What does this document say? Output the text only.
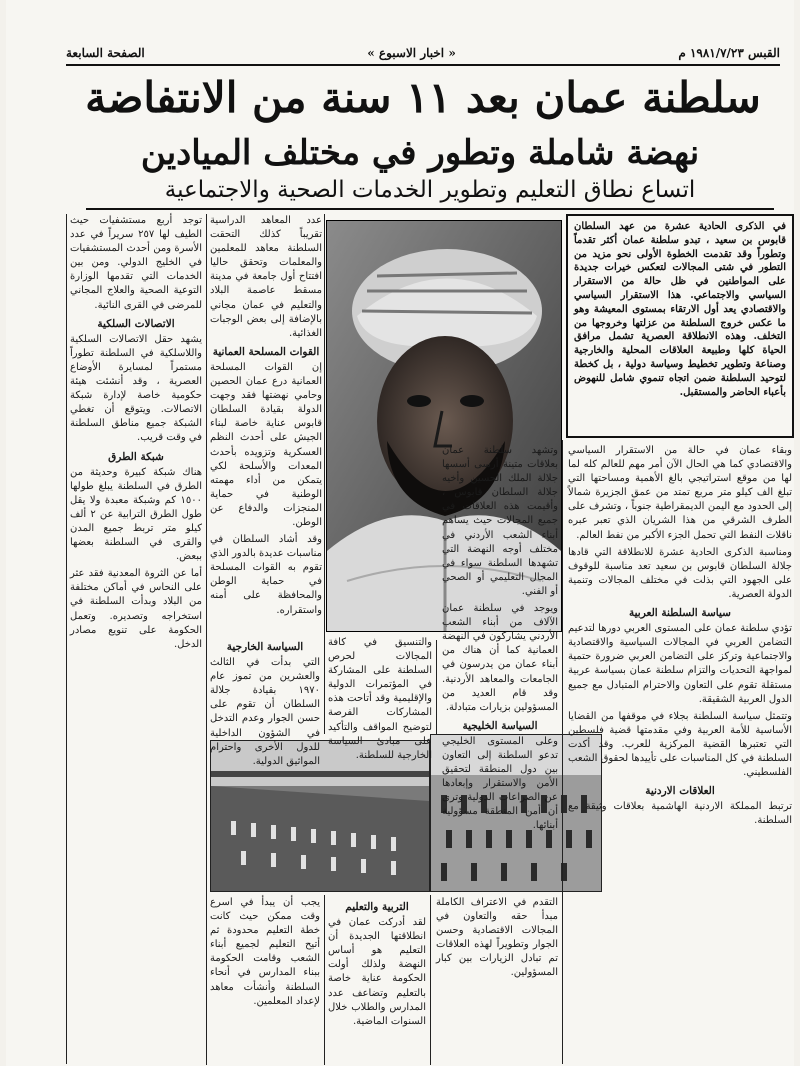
القبس ١٩٨١/٧/٢٣ م
« اخبار الاسبوع »
الصفحة السابعة
سلطنة عمان بعد ١١ سنة من الانتفاضة
نهضة شاملة وتطور في مختلف الميادين
اتساع نطاق التعليم وتطوير الخدمات الصحية والاجتماعية
في الذكرى الحادية عشرة من عهد السلطان قابوس بن سعيد ، تبدو سلطنة عمان أكثر تقدماً وتطوراً وقد تقدمت الخطوة الأولى نحو مزيد من التطور في شتى المجالات لتعكس خيرات جديدة على المواطنين في ظل حالة من الاستقرار السياسي والاجتماعي. هذا الاستقرار السياسي والاقتصادي يعد أول الارتقاء بمستوى المعيشة وهو ما عكس خروج السلطنة من عزلتها وخروجها من التخلف. وهذه الانطلاقة العصرية تشمل مرافق الحياة كلها وطبيعة العلاقات المحلية والخارجية وصناعة وتطوير تخطيط وسياسة دولية ، بل كخطة لتوحيد السلطنة ضمن اتجاه تنموي شامل للنهوض بأعباء الحاضر والمستقبل.

وبقاء عمان في حالة من الاستقرار السياسي والاقتصادي كما هي الحال الآن أمر مهم للعالم كله لما لها من موقع استراتيجي بالغ الأهمية ومساحتها التي تبلغ الف كيلو متر مربع تمتد من عمق الجزيرة شمالاً إلى الحدود مع اليمن الديمقراطية جنوباً ، وتشرف على الطرف الشرقي من هذا الشريان الذي تعبر عبره ناقلات النفط التي تحمل الجزء الأكبر من نفط العالم.

ومناسبة الذكرى الحادية عشرة للانطلاقة التي قادها جلالة السلطان قابوس بن سعيد تعد مناسبة للوقوف على الجهود التي بذلت في مختلف المجالات وتنمية الدولة العصرية.

سياسة السلطنة العربية

تؤدي سلطنة عمان على المستوى العربي دورها لتدعيم التضامن العربي في المجالات السياسية والاقتصادية والاجتماعية وتركز على التضامن العربي ضرورة حتمية لمواجهة التحديات والتزام سلطنة عمان بسياسة عربية مستقلة تقوم على التعاون والاحترام المتبادل مع جميع الدول العربية الشقيقة.

وتتمثل سياسة السلطنة بجلاء في موقفها من القضايا الأساسية للأمة العربية وفي مقدمتها قضية فلسطين التي تعتبرها القضية المركزية للعرب. وقد أكدت السلطنة في كل المناسبات على تأييدها لحقوق الشعب الفلسطيني.

العلاقات الاردنية

ترتبط المملكة الاردنية الهاشمية بعلاقات وثيقة مع السلطنة.

وتشهد سلطنة عمان بعلاقات متينة أرسى أسسها جلالة الملك الحسين وأخيه جلالة السلطان قابوس ، وأقيمت هذه العلاقات في جميع المجالات حيث يساهم أبناء الشعب الأردني في مختلف أوجه النهضة التي تشهدها السلطنة سواء في المجال التعليمي أو الصحي أو الفني.

ويوجد في سلطنة عمان الآلاف من أبناء الشعب الأردني يشاركون في النهضة العمانية كما أن هناك من أبناء عمان من يدرسون في الجامعات والمعاهد الأردنية. وقد قام العديد من المسؤولين بزيارات متبادلة.

السياسة الخليجية

وعلى المستوى الخليجي تدعو السلطنة إلى التعاون بين دول المنطقة لتحقيق الأمن والاستقرار وإبعادها عن الصراعات الدولية وترى أن أمن المنطقة مسؤولية أبنائها.

والتنسيق في كافة المجالات لحرص السلطنة على المشاركة في المؤتمرات الدولية والإقليمية وقد أتاحت هذه المشاركات الفرصة لتوضيح المواقف والتأكيد على مبادئ السياسة الخارجية للسلطنة.

السياسة الخارجية

التي بدأت في الثالث والعشرين من تموز عام ١٩٧٠ بقيادة جلالة السلطان أن تقوم على حسن الجوار وعدم التدخل في الشؤون الداخلية للدول الأخرى واحترام المواثيق الدولية.

عدد المعاهد الدراسية تقريباً كذلك التحقت السلطنة معاهد للمعلمين والمعلمات وتحقق حاليا افتتاح أول جامعة في مدينة مسقط عاصمة البلاد والتعليم في عمان مجاني بالإضافة إلى بعض الوجبات الغذائية.

القوات المسلحة العمانية

إن القوات المسلحة العمانية درع عمان الحصين وحامي نهضتها فقد وجهت الدولة بقيادة السلطان قابوس عناية خاصة لبناء الجيش على أحدث النظم العسكرية وتزويده بأحدث المعدات والأسلحة لكي يتمكن من أداء مهمته الوطنية في حماية المنجزات والدفاع عن الوطن.

وقد أشاد السلطان في مناسبات عديدة بالدور الذي تقوم به القوات المسلحة في حماية الوطن والمحافظة على أمنه واستقراره.

توجد أربع مستشفيات حيث الطيف لها ٢٥٧ سريراً في عدد الأسرة ومن أحدث المستشفيات في الخليج الدولي. ومن بين الخدمات التي تقدمها الوزارة التوعية الصحية والعلاج المجاني للمرضى في القرى النائية.

الاتصالات السلكية

يشهد حقل الاتصالات السلكية واللاسلكية في السلطنة تطوراً مستمراً لمسايرة الأوضاع العصرية ، وقد أنشئت هيئة حكومية خاصة لإدارة شبكة الاتصالات. ويتوقع أن تغطي الشبكة جميع مناطق السلطنة في وقت قريب.

شبكة الطرق

هناك شبكة كبيرة وحديثة من الطرق في السلطنة يبلغ طولها ١٥٠٠ كم وشبكة معبدة ولا يقل طول الطرق الترابية عن ٢ ألف كيلو متر تربط جميع المدن والقرى في السلطنة بعضها ببعض.

أما عن الثروة المعدنية فقد عثر على النحاس في أماكن مختلفة من البلاد وبدأت السلطنة في استخراجه وتصديره. وتعمل الحكومة على تنويع مصادر الدخل.

التقدم في الاعتراف الكاملة مبدأ حقه والتعاون في المجالات الاقتصادية وحسن الجوار وتطويراً لهذه العلاقات تم تبادل الزيارات بين كبار المسؤولين.

التربية والتعليم

لقد أدركت عمان في انطلاقتها الجديدة أن التعليم هو أساس النهضة ولذلك أولت الحكومة عناية خاصة بالتعليم وتضاعف عدد المدارس والطلاب خلال السنوات الماضية.

يجب أن يبدأ في اسرع وقت ممكن حيث كانت خطة التعليم محدودة ثم أتيح التعليم لجميع أبناء الشعب وقامت الحكومة ببناء المدارس في أنحاء السلطنة وأنشأت معاهد لإعداد المعلمين.
